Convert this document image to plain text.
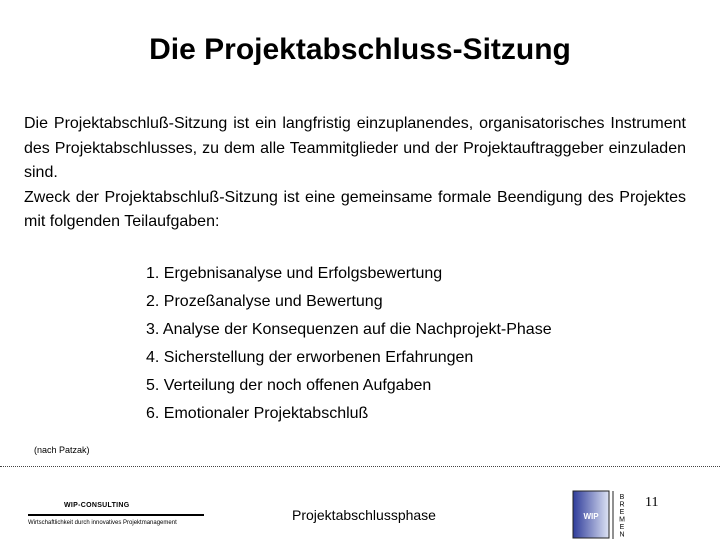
Die Projektabschluss-Sitzung

Die Projektabschluß-Sitzung ist ein langfristig einzuplanendes, organisatorisches Instrument des Projektabschlusses, zu dem alle Teammitglieder und der Projektauftraggeber einzuladen sind.

Zweck der Projektabschluß-Sitzung ist eine gemeinsame formale Beendigung des Projektes mit folgenden Teilaufgaben:

1. Ergebnisanalyse und Erfolgsbewertung
2. Prozeßanalyse und Bewertung
3. Analyse der Konsequenzen auf die Nachprojekt-Phase
4. Sicherstellung der erworbenen Erfahrungen
5. Verteilung der noch offenen Aufgaben
6. Emotionaler Projektabschluß
(nach Patzak)
WIP-CONSULTING
Wirtschaftlichkeit durch innovatives Projektmanagement	Projektabschlussphase	WIP
B
R
E
M
E
N
11
